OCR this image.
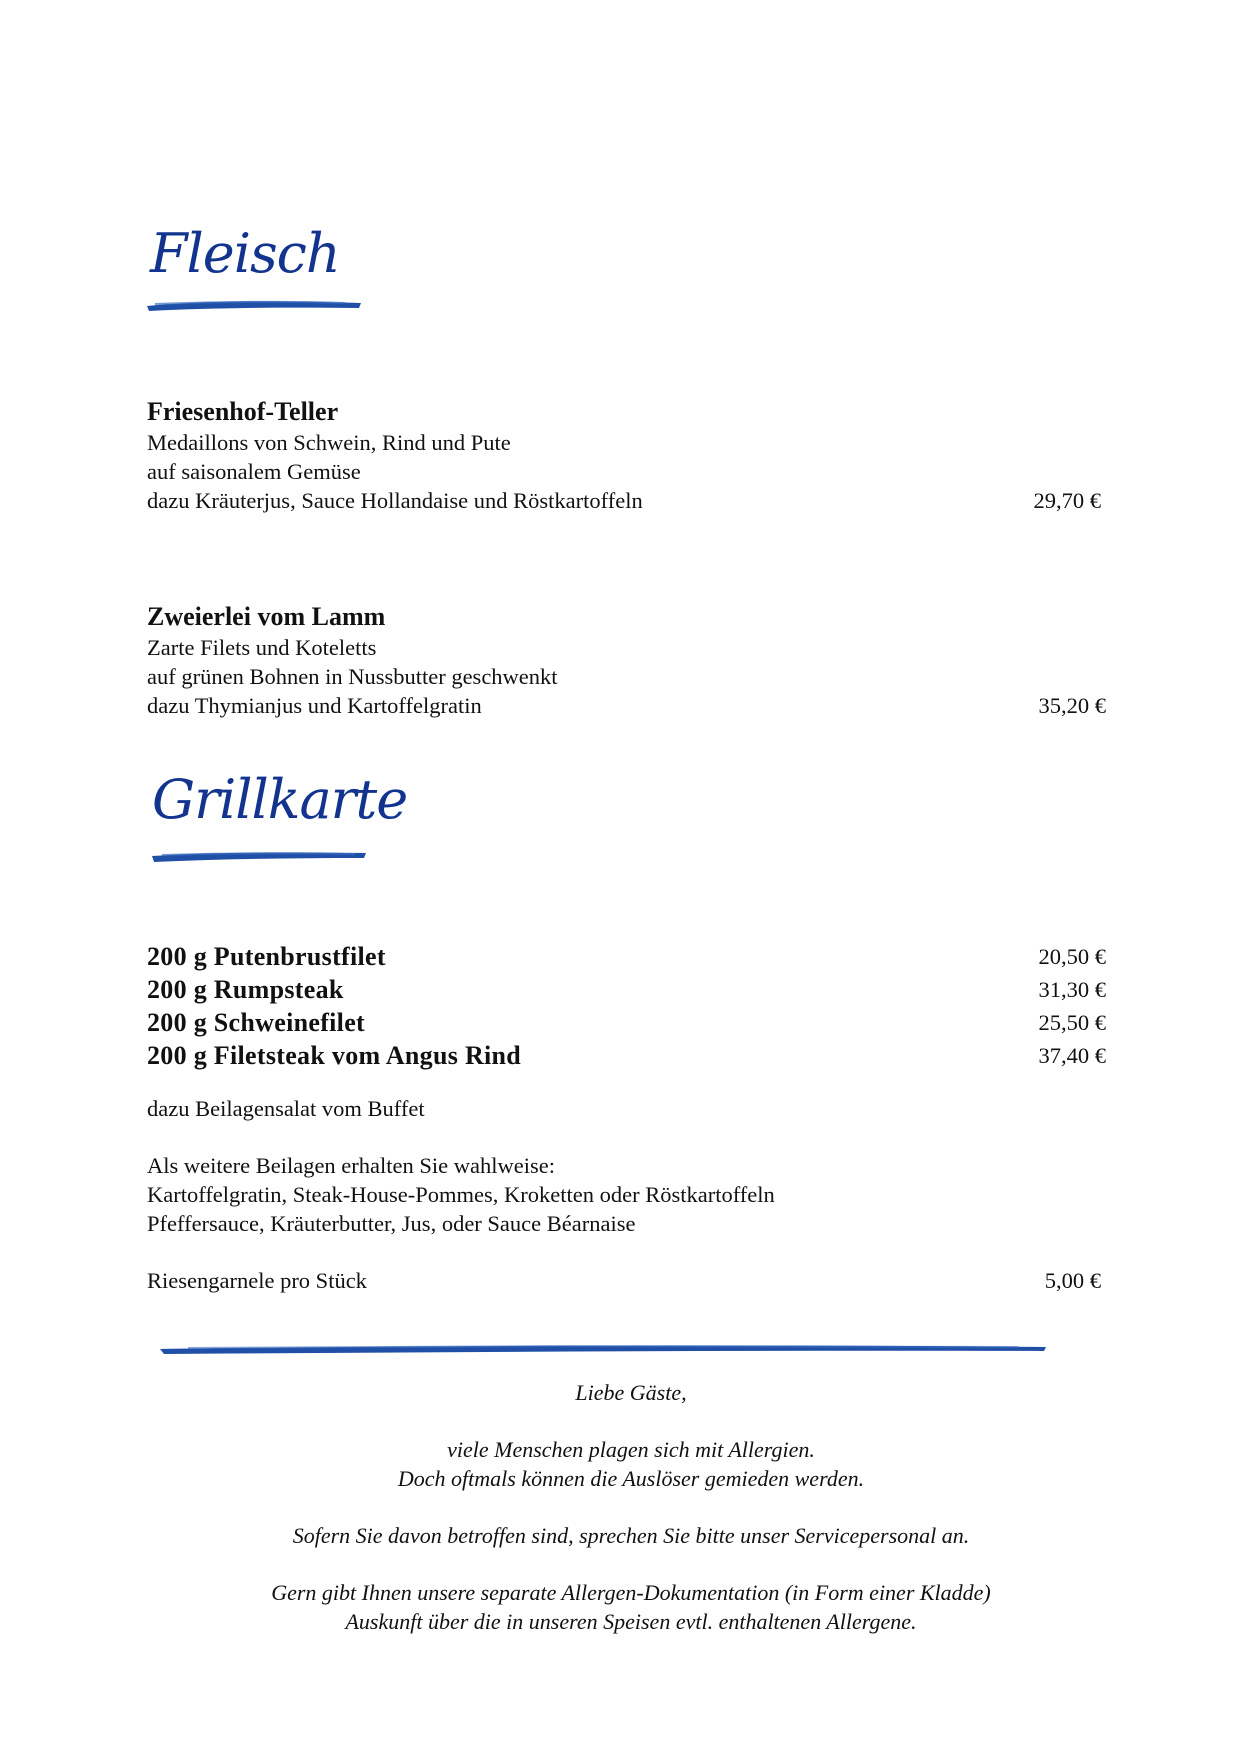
Fleisch
Friesenhof-Teller
Medaillons von Schwein, Rind und Pute
auf saisonalem Gemüse
dazu Kräuterjus, Sauce Hollandaise und Röstkartoffeln	29,70 €
Zweierlei vom Lamm
Zarte Filets und Koteletts
auf grünen Bohnen in Nussbutter geschwenkt
dazu Thymianjus und Kartoffelgratin	35,20 €
Grillkarte
200 g Putenbrustfilet	20,50 €
200 g Rumpsteak	31,30 €
200 g Schweinefilet	25,50 €
200 g Filetsteak vom Angus Rind	37,40 €
dazu Beilagensalat vom Buffet
Als weitere Beilagen erhalten Sie wahlweise:
Kartoffelgratin, Steak-House-Pommes, Kroketten oder Röstkartoffeln
Pfeffersauce, Kräuterbutter, Jus, oder Sauce Béarnaise
Riesengarnele pro Stück	5,00 €
Liebe Gäste,
viele Menschen plagen sich mit Allergien.
Doch oftmals können die Auslöser gemieden werden.
Sofern Sie davon betroffen sind, sprechen Sie bitte unser Servicepersonal an.
Gern gibt Ihnen unsere separate Allergen-Dokumentation (in Form einer Kladde)
Auskunft über die in unseren Speisen evtl. enthaltenen Allergene.
